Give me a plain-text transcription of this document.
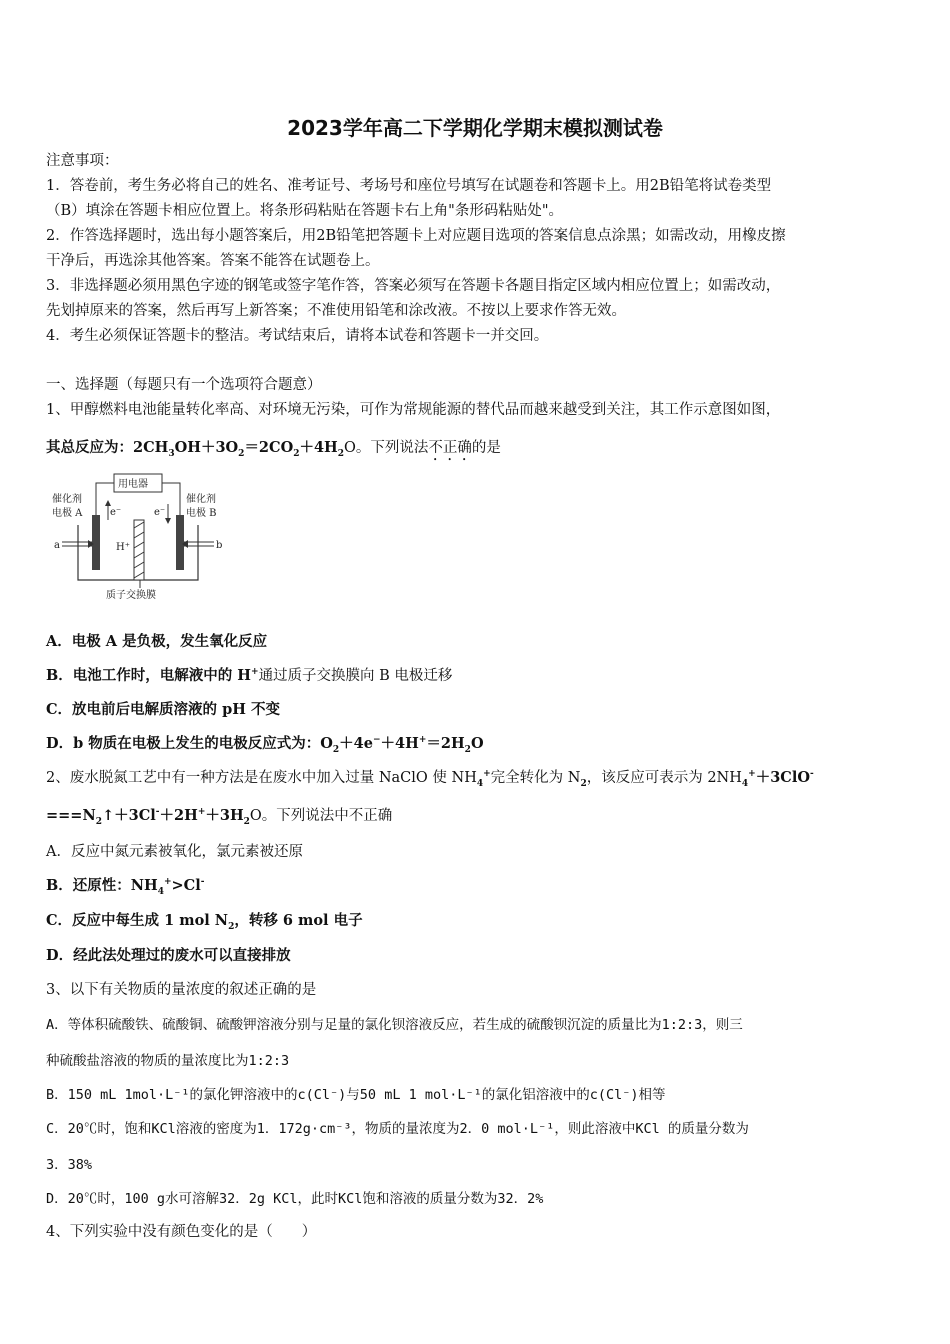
2023学年高二下学期化学期末模拟测试卷
注意事项：
1．答卷前，考生务必将自己的姓名、准考证号、考场号和座位号填写在试题卷和答题卡上。用2B铅笔将试卷类型
（B）填涂在答题卡相应位置上。将条形码粘贴在答题卡右上角"条形码粘贴处"。
2．作答选择题时，选出每小题答案后，用2B铅笔把答题卡上对应题目选项的答案信息点涂黑；如需改动，用橡皮擦
干净后，再选涂其他答案。答案不能答在试题卷上。
3．非选择题必须用黑色字迹的钢笔或签字笔作答，答案必须写在答题卡各题目指定区域内相应位置上；如需改动，
先划掉原来的答案，然后再写上新答案；不准使用铅笔和涂改液。不按以上要求作答无效。
4．考生必须保证答题卡的整洁。考试结束后，请将本试卷和答题卡一并交回。
一、选择题（每题只有一个选项符合题意）
1、甲醇燃料电池能量转化率高、对环境无污染，可作为常规能源的替代品而越来越受到关注，其工作示意图如图，
其总反应为：$2CH_3OH+3O_2=2CO_2+4H_2O$。下列说法不正确的是
用电器
e⁻	e⁻
H⁺
a	b
催化剂
电极 A
催化剂
电极 B
质子交换膜
A．电极 A 是负极，发生氧化反应
B．电池工作时，电解液中的 H+通过质子交换膜向 B 电极迁移
C．放电前后电解质溶液的 pH 不变
D．b 物质在电极上发生的电极反应式为：$O_2+4e^-+4H^+=2H_2O$
2、废水脱氮工艺中有一种方法是在废水中加入过量 NaClO 使 $NH_4^+$完全转化为 $N_2$，该反应可表示为 $2NH_4^++3ClO^-$
$===N_2↑+3Cl^-+2H^++3H_2O$。下列说法中不正确
A．反应中氮元素被氧化，氯元素被还原
B．还原性：$NH_4^+>Cl^-$
C．反应中每生成 1 mol $N_2$，转移 6 mol 电子
D．经此法处理过的废水可以直接排放
3、以下有关物质的量浓度的叙述正确的是
A．等体积硫酸铁、硫酸铜、硫酸钾溶液分别与足量的氯化钡溶液反应，若生成的硫酸钡沉淀的质量比为1:2:3，则三
种硫酸盐溶液的物质的量浓度比为1:2:3
B．150 mL 1mol·L⁻¹的氯化钾溶液中的c(Cl⁻)与50 mL 1 mol·L⁻¹的氯化铝溶液中的c(Cl⁻)相等
C．20℃时，饱和KCl溶液的密度为1．172g·cm⁻³，物质的量浓度为2．0 mol·L⁻¹，则此溶液中KCl 的质量分数为
3．38%
D．20℃时，100 g水可溶解32．2g KCl，此时KCl饱和溶液的质量分数为32．2%
4、下列实验中没有颜色变化的是（　　）
